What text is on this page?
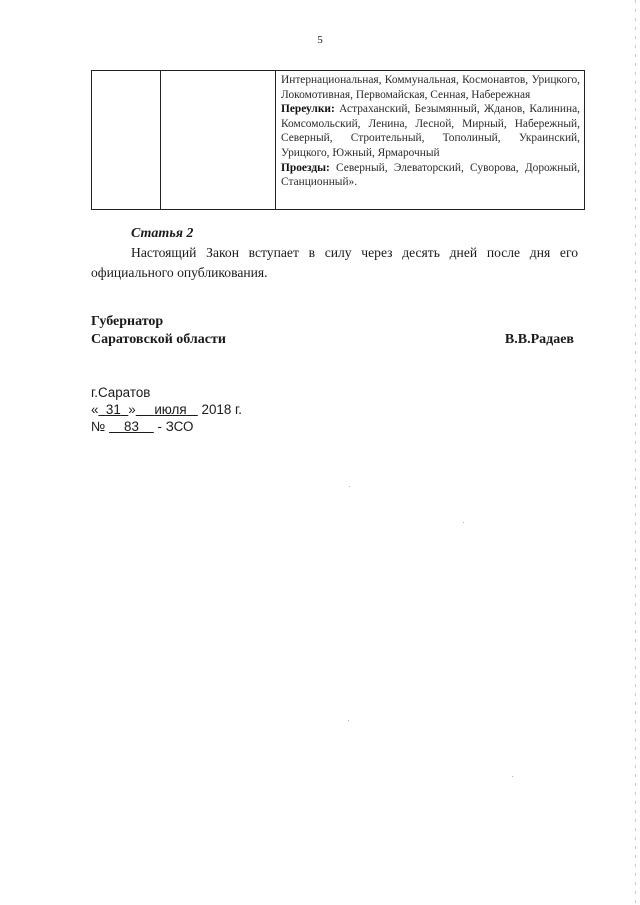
5

Интернациональная, Коммунальная, Космонавтов, Урицкого, Локомотивная, Первомайская, Сенная, Набережная
Переулки: Астраханский, Безымянный, Жданов, Калинина, Комсомольский, Ленина, Лесной, Мирный, Набережный, Северный, Строительный, Тополиный, Украинский, Урицкого, Южный, Ярмарочный
Проезды: Северный, Элеваторский, Суворова, Дорожный, Станционный».
Статья 2
Настоящий Закон вступает в силу через десять дней после дня его официального опубликования.
Губернатор
Саратовской области	В.В.Радаев
г.Саратов
« 31 » июля 2018 г.
№ 83 - ЗСО
